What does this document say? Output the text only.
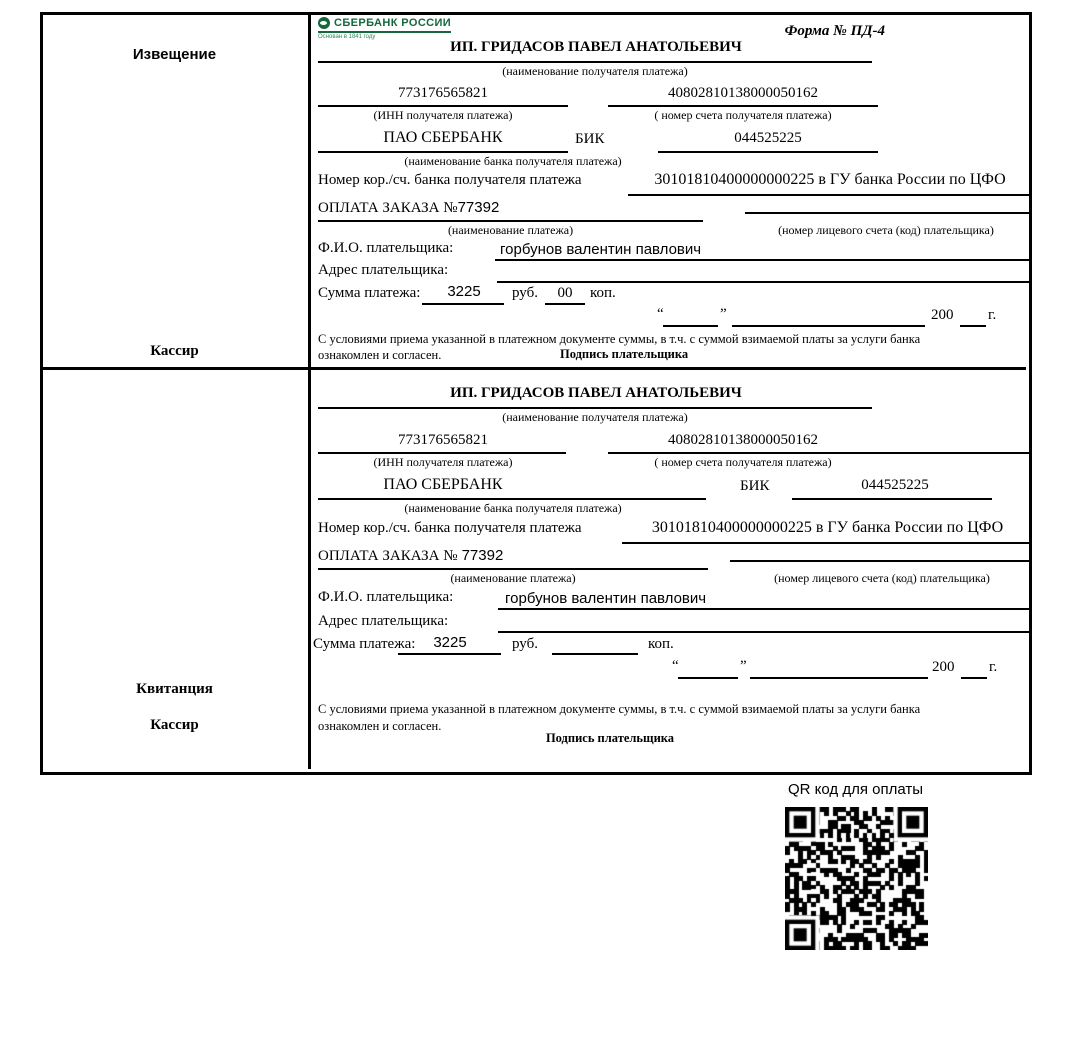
Извещение
Кассир
СБЕРБАНК РОССИИ
Основан в 1841 году	Форма № ПД-4
ИП. ГРИДАСОВ ПАВЕЛ АНАТОЛЬЕВИЧ
(наименование получателя платежа)
773176565821	40802810138000050162
(ИНН получателя платежа)	( номер счета получателя платежа)
ПАО СБЕРБАНК	БИК	044525225
(наименование банка получателя платежа)
Номер кор./сч. банка получателя платежа	30101810400000000225 в ГУ банка России по ЦФО
ОПЛАТА ЗАКАЗА №77392
(наименование платежа)	(номер лицевого счета (код) плательщика)
Ф.И.О. плательщика:	горбунов валентин павлович
Адрес плательщика:
Сумма платежа:	3225	руб.	00	коп.
“	”	200 г.
С условиями приема указанной в платежном документе суммы, в т.ч. с суммой взимаемой платы за услуги банка
ознакомлен и согласен.	Подпись плательщика
Квитанция
Кассир
ИП. ГРИДАСОВ ПАВЕЛ АНАТОЛЬЕВИЧ
(наименование получателя платежа)
773176565821	40802810138000050162
(ИНН получателя платежа)	( номер счета получателя платежа)
ПАО СБЕРБАНК	БИК	044525225
(наименование банка получателя платежа)
Номер кор./сч. банка получателя платежа	30101810400000000225 в ГУ банка России по ЦФО
ОПЛАТА ЗАКАЗА № 77392
(наименование платежа)	(номер лицевого счета (код) плательщика)
Ф.И.О. плательщика:	горбунов валентин павлович
Адрес плательщика:
Сумма платежа:	3225	руб.	коп.
“	”	200 г.
С условиями приема указанной в платежном документе суммы, в т.ч. с суммой взимаемой платы за услуги банка
ознакомлен и согласен.
Подпись плательщика
QR код для оплаты
